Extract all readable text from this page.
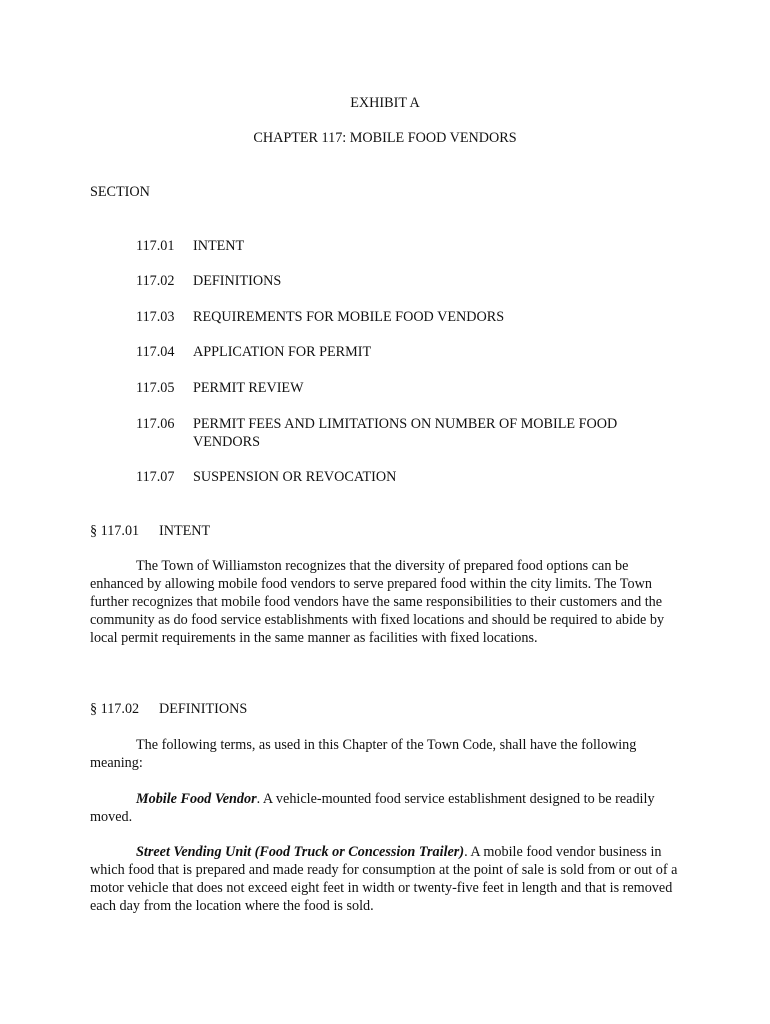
EXHIBIT A
CHAPTER 117: MOBILE FOOD VENDORS
SECTION
117.01 INTENT
117.02 DEFINITIONS
117.03 REQUIREMENTS FOR MOBILE FOOD VENDORS
117.04 APPLICATION FOR PERMIT
117.05 PERMIT REVIEW
117.06 PERMIT FEES AND LIMITATIONS ON NUMBER OF MOBILE FOOD VENDORS
117.07 SUSPENSION OR REVOCATION
§ 117.01 INTENT
The Town of Williamston recognizes that the diversity of prepared food options can be enhanced by allowing mobile food vendors to serve prepared food within the city limits. The Town further recognizes that mobile food vendors have the same responsibilities to their customers and the community as do food service establishments with fixed locations and should be required to abide by local permit requirements in the same manner as facilities with fixed locations.
§ 117.02 DEFINITIONS
The following terms, as used in this Chapter of the Town Code, shall have the following meaning:
Mobile Food Vendor. A vehicle-mounted food service establishment designed to be readily moved.
Street Vending Unit (Food Truck or Concession Trailer). A mobile food vendor business in which food that is prepared and made ready for consumption at the point of sale is sold from or out of a motor vehicle that does not exceed eight feet in width or twenty-five feet in length and that is removed each day from the location where the food is sold.
